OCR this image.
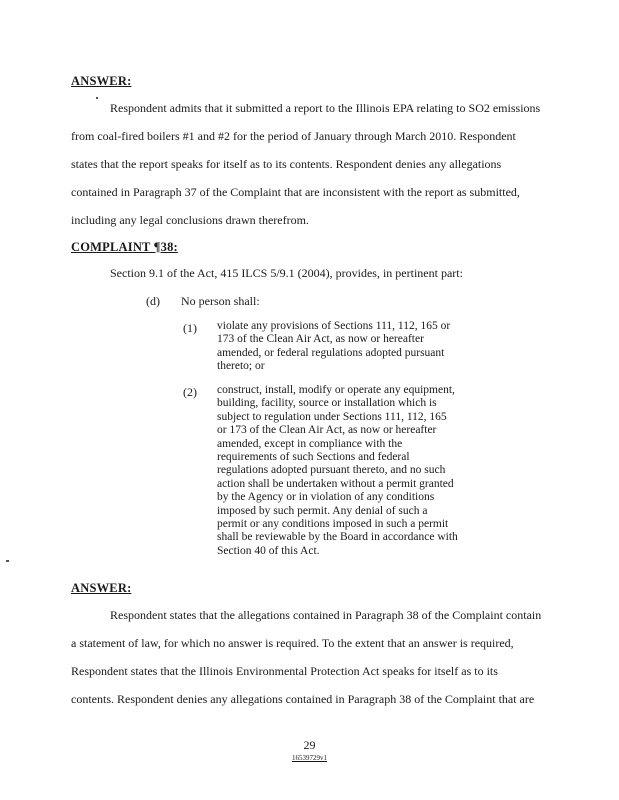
ANSWER:
Respondent admits that it submitted a report to the Illinois EPA relating to SO2 emissions
from coal-fired boilers #1 and #2 for the period of January through March 2010. Respondent
states that the report speaks for itself as to its contents. Respondent denies any allegations
contained in Paragraph 37 of the Complaint that are inconsistent with the report as submitted,
including any legal conclusions drawn therefrom.
COMPLAINT ¶38:
Section 9.1 of the Act, 415 ILCS 5/9.1 (2004), provides, in pertinent part:
(d) No person shall:
(1) violate any provisions of Sections 111, 112, 165 or
173 of the Clean Air Act, as now or hereafter
amended, or federal regulations adopted pursuant
thereto; or
(2) construct, install, modify or operate any equipment,
building, facility, source or installation which is
subject to regulation under Sections 111, 112, 165
or 173 of the Clean Air Act, as now or hereafter
amended, except in compliance with the
requirements of such Sections and federal
regulations adopted pursuant thereto, and no such
action shall be undertaken without a permit granted
by the Agency or in violation of any conditions
imposed by such permit. Any denial of such a
permit or any conditions imposed in such a permit
shall be reviewable by the Board in accordance with
Section 40 of this Act.
ANSWER:
Respondent states that the allegations contained in Paragraph 38 of the Complaint contain
a statement of law, for which no answer is required. To the extent that an answer is required,
Respondent states that the Illinois Environmental Protection Act speaks for itself as to its
contents. Respondent denies any allegations contained in Paragraph 38 of the Complaint that are
29
16539729v1
